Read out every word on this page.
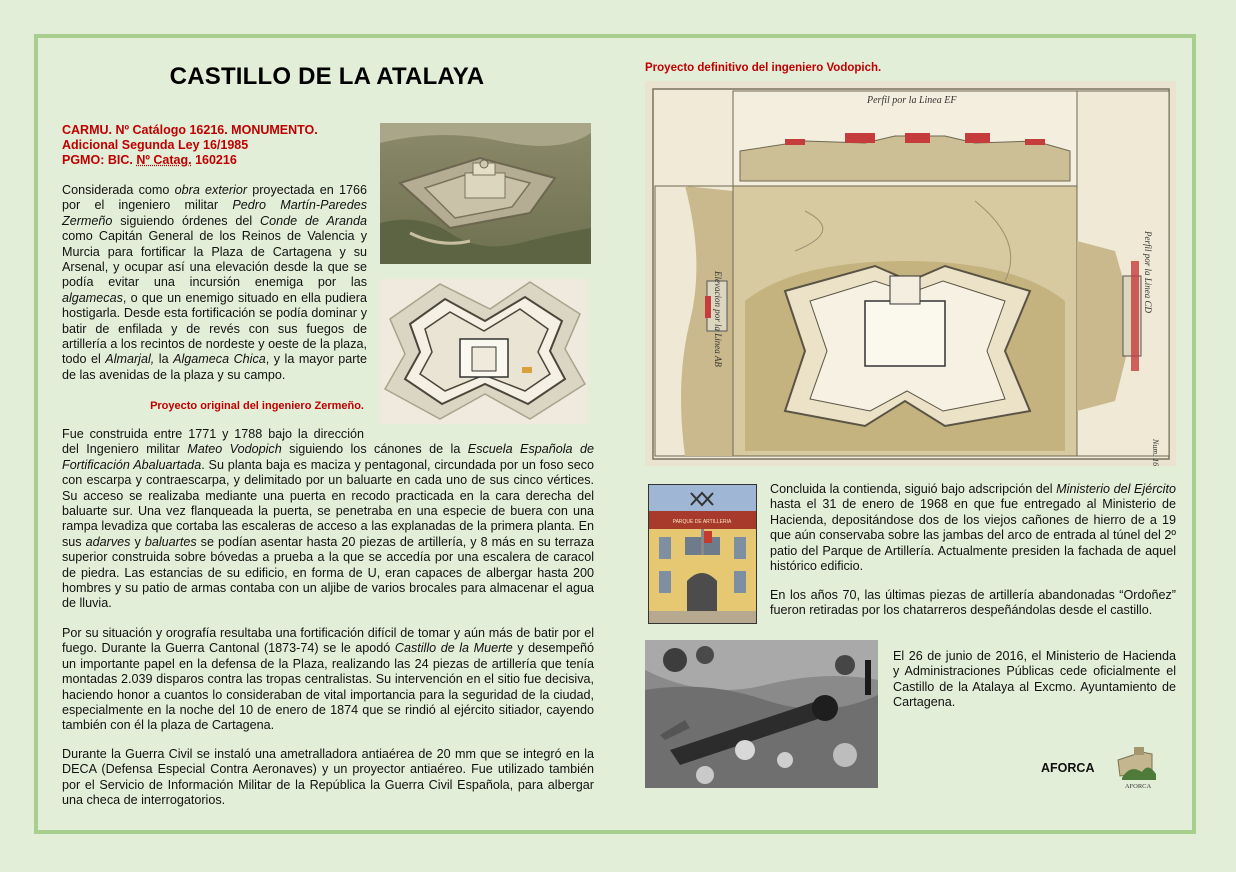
CASTILLO DE LA ATALAYA
CARMU. Nº Catálogo 16216. MONUMENTO.
Adicional Segunda Ley 16/1985
PGMO: BIC. Nº Catag. 160216
Proyecto original del ingeniero Zermeño.

Considerada como obra exterior proyectada en 1766 por el ingeniero militar Pedro Martín-Paredes Zermeño siguiendo órdenes del Conde de Aranda como Capitán General de los Reinos de Valencia y Murcia para fortificar la Plaza de Cartagena y su Arsenal, y ocupar así una elevación desde la que se podía evitar una incursión enemiga por las algamecas, o que un enemigo situado en ella pudiera hostigarla. Desde esta fortificación se podía dominar y batir de enfilada y de revés con sus fuegos de artillería a los recintos de nordeste y oeste de la plaza, todo el Almarjal, la Algameca Chica, y la mayor parte de las avenidas de la plaza y su campo.

Fue construida entre 1771 y 1788 bajo la dirección del Ingeniero militar Mateo Vodopich siguiendo los cánones de la Escuela Española de Fortificación Abaluartada. Su planta baja es maciza y pentagonal, circundada por un foso seco con escarpa y contraescarpa, y delimitado por un baluarte en cada uno de sus cinco vértices. Su acceso se realizaba mediante una puerta en recodo practicada en la cara derecha del baluarte sur. Una vez flanqueada la puerta, se penetraba en una especie de buera con una rampa levadiza que cortaba las escaleras de acceso a las explanadas de la primera planta. En sus adarves y baluartes se podían asentar hasta 20 piezas de artillería, y 8 más en su terraza superior construida sobre bóvedas a prueba a la que se accedía por una escalera de caracol de piedra. Las estancias de su edificio, en forma de U, eran capaces de albergar hasta 200 hombres y su patio de armas contaba con un aljibe de varios brocales para almacenar el agua de lluvia.

Por su situación y orografía resultaba una fortificación difícil de tomar y aún más de batir por el fuego. Durante la Guerra Cantonal (1873-74) se le apodó Castillo de la Muerte y desempeñó un importante papel en la defensa de la Plaza, realizando las 24 piezas de artillería que tenía montadas 2.039 disparos contra las tropas centralistas. Su intervención en el sitio fue decisiva, haciendo honor a cuantos lo consideraban de vital importancia para la seguridad de la ciudad, especialmente en la noche del 10 de enero de 1874 que se rindió al ejército sitiador, cayendo también con él la plaza de Cartagena.

Durante la Guerra Civil se instaló una ametralladora antiaérea de 20 mm que se integró en la DECA (Defensa Especial Contra Aeronaves) y un proyector antiaéreo. Fue utilizado también por el Servicio de Información Militar de la República la Guerra Civil Española, para albergar una checa de interrogatorios.

Proyecto definitivo del ingeniero Vodopich.
Perfil por la Linea EF
Elevacion por la Linea AB	Perfil por la Linea CD
Num. 16
PARQUE DE ARTILLERIA

Concluida la contienda, siguió bajo adscripción del Ministerio del Ejército hasta el 31 de enero de 1968 en que fue entregado al Ministerio de Hacienda, depositándose dos de los viejos cañones de hierro de a 19 que aún conservaba sobre las jambas del arco de entrada al túnel del 2º patio del Parque de Artillería. Actualmente presiden la fachada de aquel histórico edificio.

En los años 70, las últimas piezas de artillería abandonadas “Ordoñez” fueron retiradas por los chatarreros despeñándolas desde el castillo.

El 26 de junio de 2016, el Ministerio de Hacienda y Administraciones Públicas cede oficialmente el Castillo de la Atalaya al Excmo. Ayuntamiento de Cartagena.

AFORCA
AFORCA
